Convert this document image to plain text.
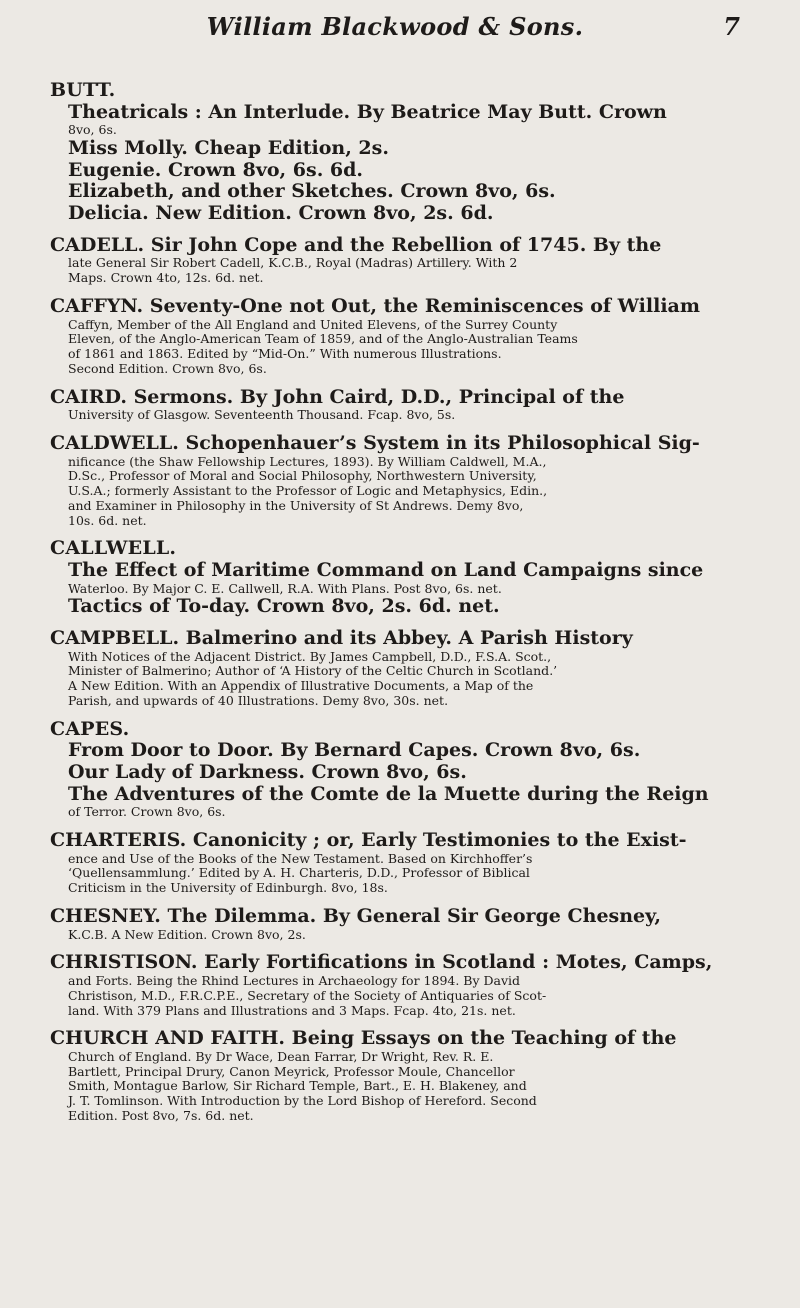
William Blackwood & Sons.	7
BUTT.
Theatricals : An Interlude. By Beatrice May Butt. Crown
8vo, 6s.
Miss Molly. Cheap Edition, 2s.
Eugenie. Crown 8vo, 6s. 6d.
Elizabeth, and other Sketches. Crown 8vo, 6s.
Delicia. New Edition. Crown 8vo, 2s. 6d.
CADELL. Sir John Cope and the Rebellion of 1745. By the
late General Sir Robert Cadell, K.C.B., Royal (Madras) Artillery. With 2
Maps. Crown 4to, 12s. 6d. net.
CAFFYN. Seventy-One not Out, the Reminiscences of William
Caffyn, Member of the All England and United Elevens, of the Surrey County
Eleven, of the Anglo-American Team of 1859, and of the Anglo-Australian Teams
of 1861 and 1863. Edited by “Mid-On.” With numerous Illustrations.
Second Edition. Crown 8vo, 6s.
CAIRD. Sermons. By John Caird, D.D., Principal of the
University of Glasgow. Seventeenth Thousand. Fcap. 8vo, 5s.
CALDWELL. Schopenhauer’s System in its Philosophical Sig-
nificance (the Shaw Fellowship Lectures, 1893). By William Caldwell, M.A.,
D.Sc., Professor of Moral and Social Philosophy, Northwestern University,
U.S.A.; formerly Assistant to the Professor of Logic and Metaphysics, Edin.,
and Examiner in Philosophy in the University of St Andrews. Demy 8vo,
10s. 6d. net.
CALLWELL.
The Effect of Maritime Command on Land Campaigns since
Waterloo. By Major C. E. Callwell, R.A. With Plans. Post 8vo, 6s. net.
Tactics of To-day. Crown 8vo, 2s. 6d. net.
CAMPBELL. Balmerino and its Abbey. A Parish History
With Notices of the Adjacent District. By James Campbell, D.D., F.S.A. Scot.,
Minister of Balmerino; Author of ‘A History of the Celtic Church in Scotland.’
A New Edition. With an Appendix of Illustrative Documents, a Map of the
Parish, and upwards of 40 Illustrations. Demy 8vo, 30s. net.
CAPES.
From Door to Door. By Bernard Capes. Crown 8vo, 6s.
Our Lady of Darkness. Crown 8vo, 6s.
The Adventures of the Comte de la Muette during the Reign
of Terror. Crown 8vo, 6s.
CHARTERIS. Canonicity ; or, Early Testimonies to the Exist-
ence and Use of the Books of the New Testament. Based on Kirchhoffer’s
‘Quellensammlung.’ Edited by A. H. Charteris, D.D., Professor of Biblical
Criticism in the University of Edinburgh. 8vo, 18s.
CHESNEY. The Dilemma. By General Sir George Chesney,
K.C.B. A New Edition. Crown 8vo, 2s.
CHRISTISON. Early Fortifications in Scotland : Motes, Camps,
and Forts. Being the Rhind Lectures in Archaeology for 1894. By David
Christison, M.D., F.R.C.P.E., Secretary of the Society of Antiquaries of Scot-
land. With 379 Plans and Illustrations and 3 Maps. Fcap. 4to, 21s. net.
CHURCH AND FAITH. Being Essays on the Teaching of the
Church of England. By Dr Wace, Dean Farrar, Dr Wright, Rev. R. E.
Bartlett, Principal Drury, Canon Meyrick, Professor Moule, Chancellor
Smith, Montague Barlow, Sir Richard Temple, Bart., E. H. Blakeney, and
J. T. Tomlinson. With Introduction by the Lord Bishop of Hereford. Second
Edition. Post 8vo, 7s. 6d. net.
